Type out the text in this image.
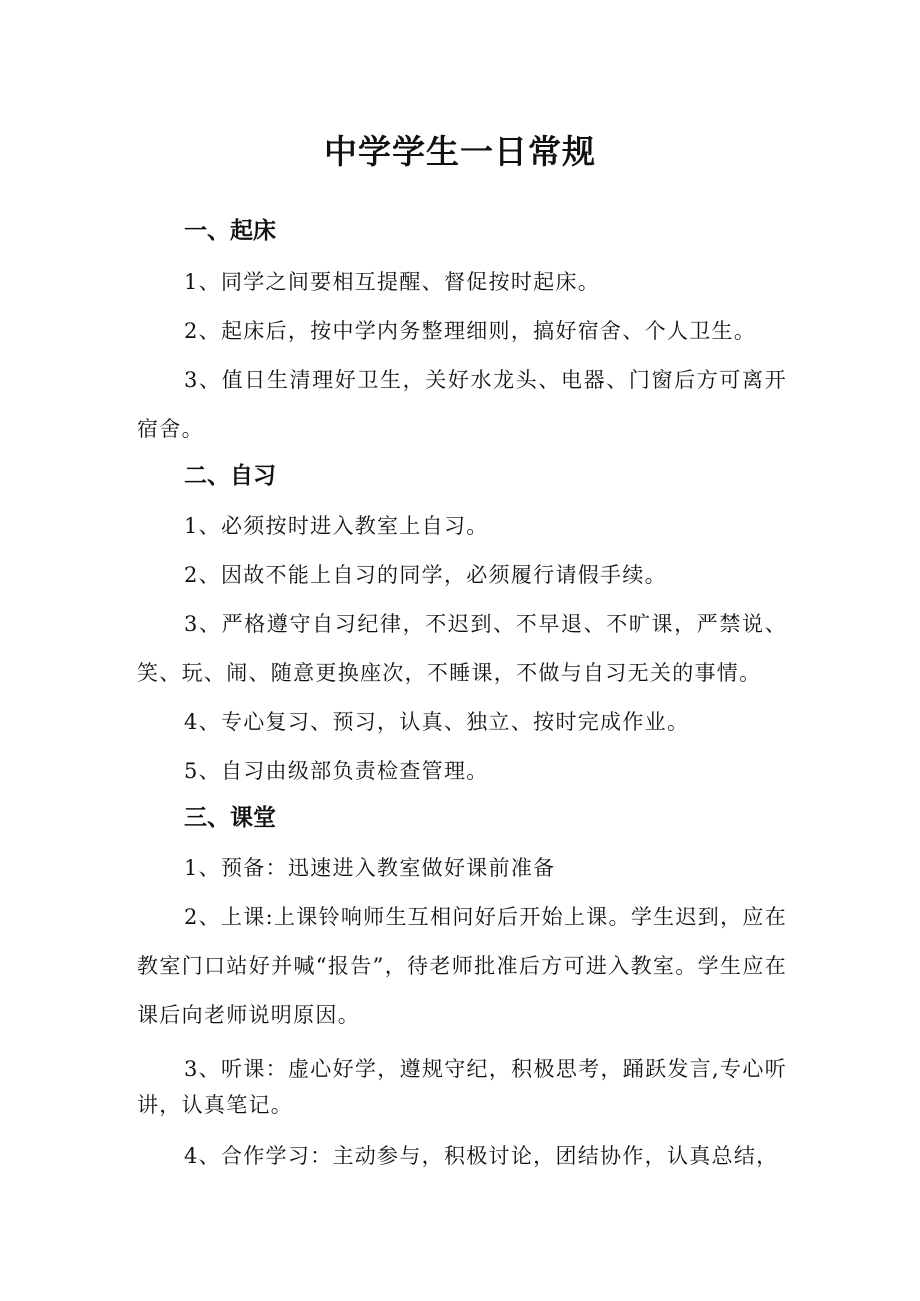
中学学生一日常规
一、起床

1、同学之间要相互提醒、督促按时起床。

2、起床后，按中学内务整理细则，搞好宿舍、个人卫生。

3、值日生清理好卫生，关好水龙头、电器、门窗后方可离开宿舍。

二、自习

1、必须按时进入教室上自习。

2、因故不能上自习的同学，必须履行请假手续。

3、严格遵守自习纪律，不迟到、不早退、不旷课，严禁说、笑、玩、闹、随意更换座次，不睡课，不做与自习无关的事情。

4、专心复习、预习，认真、独立、按时完成作业。

5、自习由级部负责检查管理。

三、课堂

1、预备：迅速进入教室做好课前准备

2、上课:上课铃响师生互相问好后开始上课。学生迟到，应在教室门口站好并喊“报告”，待老师批准后方可进入教室。学生应在课后向老师说明原因。

3、听课：虚心好学，遵规守纪，积极思考，踊跃发言,专心听讲，认真笔记。

4、合作学习：主动参与，积极讨论，团结协作，认真总结，
